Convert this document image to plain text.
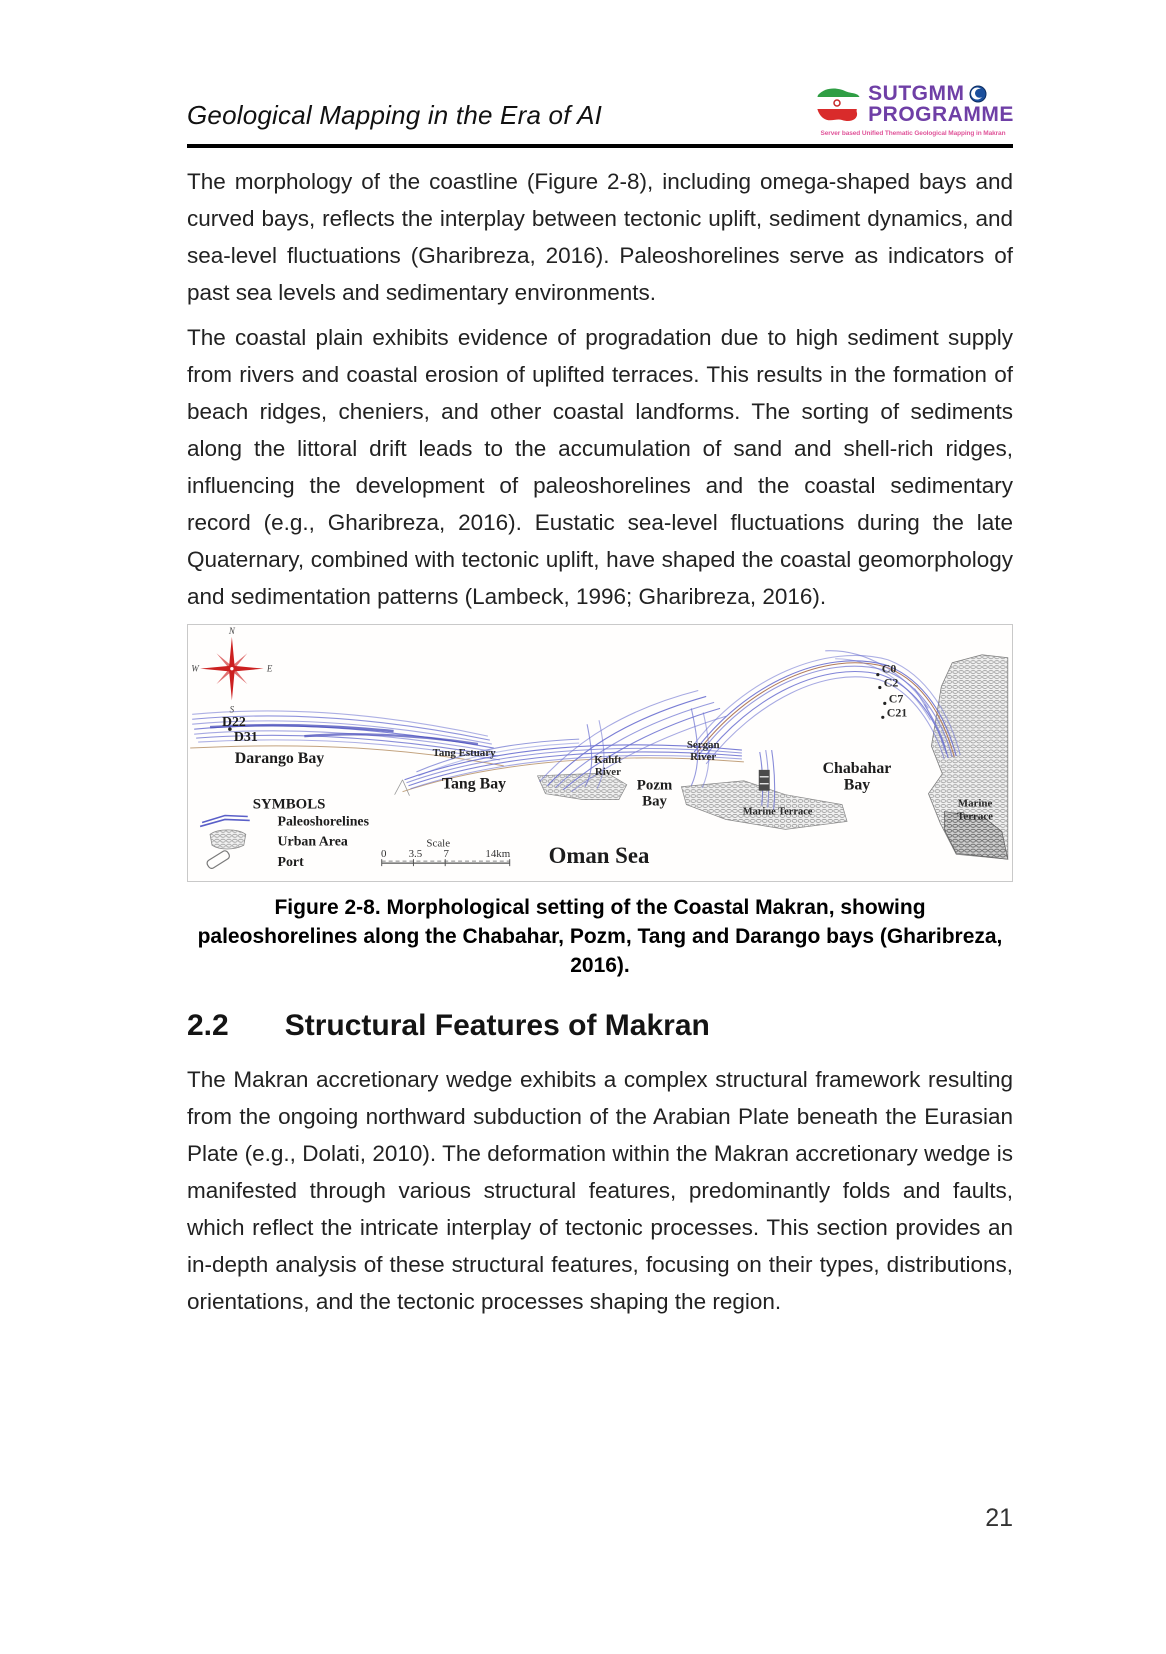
Geological Mapping in the Era of AI
SUTGMM
PROGRAMME
Server based Unified Thematic Geological Mapping in Makran

The morphology of the coastline (Figure 2-8), including omega-shaped bays and curved bays, reflects the interplay between tectonic uplift, sediment dynamics, and sea-level fluctuations (Gharibreza, 2016). Paleoshorelines serve as indicators of past sea levels and sedimentary environments.

The coastal plain exhibits evidence of progradation due to high sediment supply from rivers and coastal erosion of uplifted terraces. This results in the formation of beach ridges, cheniers, and other coastal landforms. The sorting of sediments along the littoral drift leads to the accumulation of sand and shell-rich ridges, influencing the development of paleoshorelines and the coastal sedimentary record (e.g., Gharibreza, 2016). Eustatic sea-level fluctuations during the late Quaternary, combined with tectonic uplift, have shaped the coastal geomorphology and sedimentation patterns (Lambeck, 1996; Gharibreza, 2016).

N
E
S
W
D22
D31
Darango Bay	Tang Estuary
Tang Bay
Kahft
River
Pozm
Bay
Sergan
River
Marine Terrace
Chabahar
Bay
C0
C2
C7
C21
Marine
Terrace
Oman Sea
SYMBOLS
Paleoshorelines
Urban Area
Port
Scale
0 3.5 7	14km
Figure 2-8. Morphological setting of the Coastal Makran, showing paleoshorelines along the Chabahar, Pozm, Tang and Darango bays (Gharibreza, 2016).
2.2 Structural Features of Makran

The Makran accretionary wedge exhibits a complex structural framework resulting from the ongoing northward subduction of the Arabian Plate beneath the Eurasian Plate (e.g., Dolati, 2010). The deformation within the Makran accretionary wedge is manifested through various structural features, predominantly folds and faults, which reflect the intricate interplay of tectonic processes. This section provides an in-depth analysis of these structural features, focusing on their types, distributions, orientations, and the tectonic processes shaping the region.

21
